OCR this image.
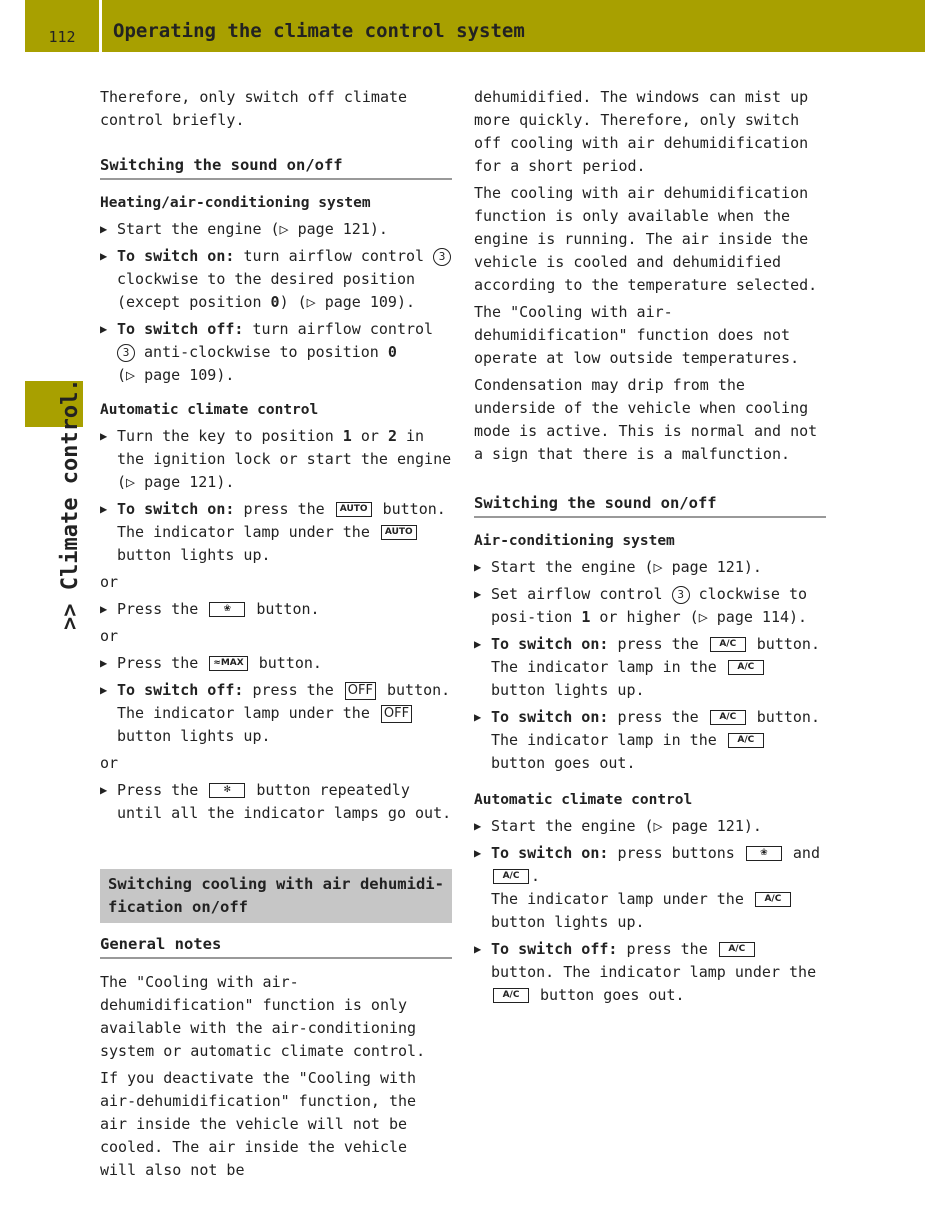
112	Operating the climate control system
>> Climate control.

Therefore, only switch off climate control briefly.

Switching the sound on/off
Heating/air-conditioning system
▶ Start the engine (▷ page 121).
▶ To switch on: turn airflow control 3 clockwise to the desired position (except position 0) (▷ page 109).
▶ To switch off: turn airflow control 3 anti-clockwise to position 0
(▷ page 109).
Automatic climate control
▶ Turn the key to position 1 or 2 in the ignition lock or start the engine (▷ page 121).
▶ To switch on: press the AUTO button. The indicator lamp under the AUTO button lights up.
or
▶ Press the	❀ button.
or
▶ Press the ≈MAX button.
▶ To switch off: press the OFF button. The indicator lamp under the OFF button lights up.
or
▶ Press the	✻ button repeatedly until all the indicator lamps go out.
Switching cooling with air dehumidi-fication on/off
General notes

The "Cooling with air-dehumidification" function is only available with the air-conditioning system or automatic climate control.

If you deactivate the "Cooling with air-dehumidification" function, the air inside the vehicle will not be cooled. The air inside the vehicle will also not be

dehumidified. The windows can mist up more quickly. Therefore, only switch off cooling with air dehumidification for a short period.

The cooling with air dehumidification function is only available when the engine is running. The air inside the vehicle is cooled and dehumidified according to the temperature selected.

The "Cooling with air-dehumidification" function does not operate at low outside temperatures.

Condensation may drip from the underside of the vehicle when cooling mode is active. This is normal and not a sign that there is a malfunction.

Switching the sound on/off
Air-conditioning system
▶ Start the engine (▷ page 121).
▶ Set airflow control 3 clockwise to posi-tion 1 or higher (▷ page 114).
▶ To switch on: press the A/C button. The indicator lamp in the A/C button lights up.
▶ To switch on: press the A/C button. The indicator lamp in the A/C button goes out.
Automatic climate control
▶ Start the engine (▷ page 121).
▶ To switch on: press buttons	❀ and
A/C .
The indicator lamp under the A/C button lights up.
▶ To switch off: press the A/C button. The indicator lamp under the A/C button goes out.
